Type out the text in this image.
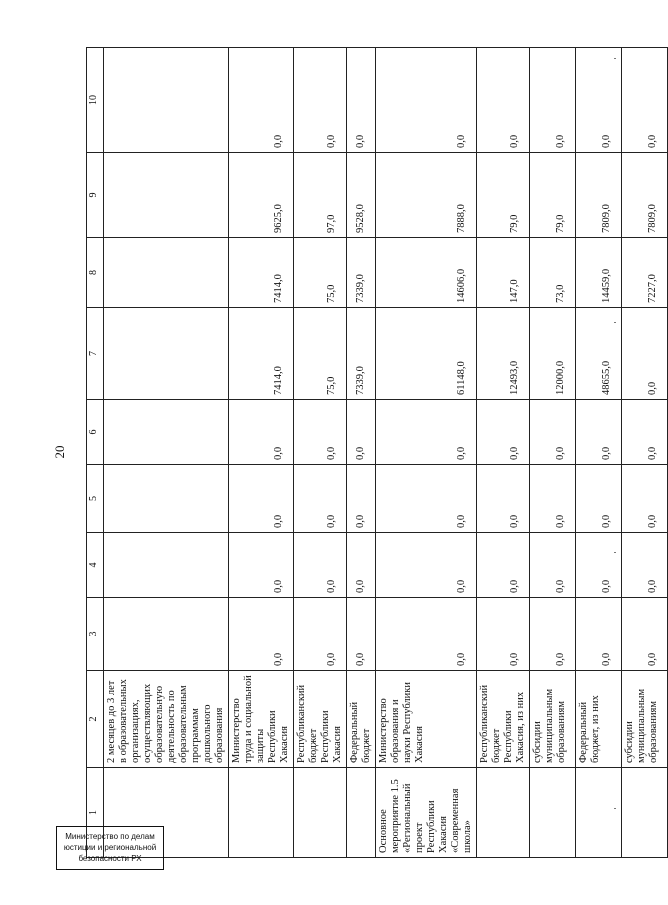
20
1	2	3	4	5	6	7	8	9	10
	2 месяцев до 3 лет в образовательных организациях, осуществляющих образовательную деятельность по образовательным программам дошкольного образования								
	Министерство труда и социальной защиты Республики Хакасия	0,0	0,0	0,0	0,0	7414,0	7414,0	9625,0	0,0
	Республиканский бюджет Республики Хакасия	0,0	0,0	0,0	0,0	75,0	75,0	97,0	0,0
	Федеральный бюджет	0,0	0,0	0,0	0,0	7339,0	7339,0	9528,0	0,0
Основное мероприятие 1.5 «Региональный проект Республики Хакасия «Современная школа»	Министерство образования и науки Республики Хакасия	0,0	0,0	0,0	0,0	61148,0	14606,0	7888,0	0,0
	Республиканский бюджет Республики Хакасия, из них	0,0	0,0	0,0	0,0	12493,0	147,0	79,0	0,0
	субсидии муниципальным образованиям	0,0	0,0	0,0	0,0	12000,0	73,0	79,0	0,0
	Федеральный бюджет, из них	0,0	0,0	0,0	0,0	48655,0	14459,0	7809,0	0,0
	субсидии муниципальным образованиям	0,0	0,0	0,0	0,0	0,0	7227,0	7809,0	0,0
Министерство по делам
юстиции и региональной
безопасности РХ
